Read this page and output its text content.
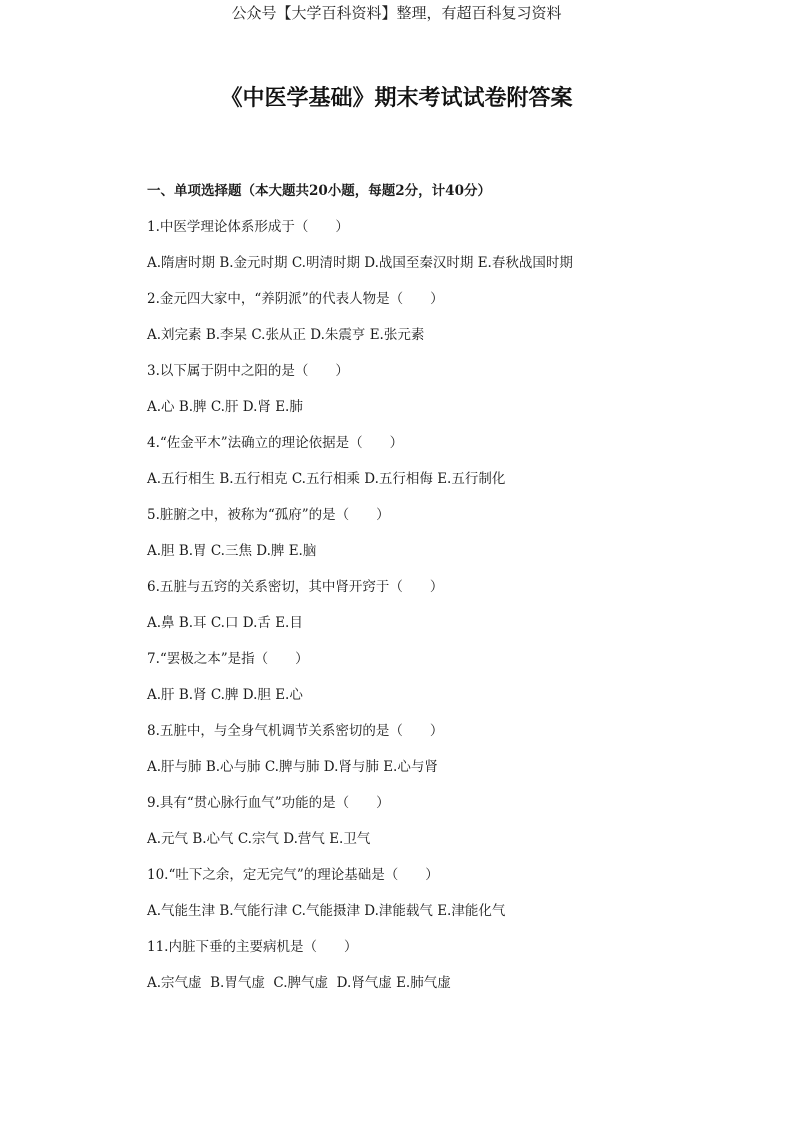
公众号【大学百科资料】整理，有超百科复习资料
《中医学基础》期末考试试卷附答案
一、单项选择题（本大题共20小题，每题2分，计40分）
1.中医学理论体系形成于（　　）
A.隋唐时期 B.金元时期 C.明清时期 D.战国至秦汉时期 E.春秋战国时期
2.金元四大家中，“养阴派”的代表人物是（　　）
A.刘完素 B.李杲 C.张从正 D.朱震亨 E.张元素
3.以下属于阴中之阳的是（　　）
A.心 B.脾 C.肝 D.肾 E.肺
4.“佐金平木”法确立的理论依据是（　　）
A.五行相生 B.五行相克 C.五行相乘 D.五行相侮 E.五行制化
5.脏腑之中，被称为“孤府”的是（　　）
A.胆 B.胃 C.三焦 D.脾 E.脑
6.五脏与五窍的关系密切，其中肾开窍于（　　）
A.鼻 B.耳 C.口 D.舌 E.目
7.“罢极之本”是指（　　）
A.肝 B.肾 C.脾 D.胆 E.心
8.五脏中，与全身气机调节关系密切的是（　　）
A.肝与肺 B.心与肺 C.脾与肺 D.肾与肺 E.心与肾
9.具有“贯心脉行血气”功能的是（　　）
A.元气 B.心气 C.宗气 D.营气 E.卫气
10.“吐下之余，定无完气”的理论基础是（　　）
A.气能生津 B.气能行津 C.气能摄津 D.津能载气 E.津能化气
11.内脏下垂的主要病机是（　　）
A.宗气虚  B.胃气虚  C.脾气虚  D.肾气虚 E.肺气虚
